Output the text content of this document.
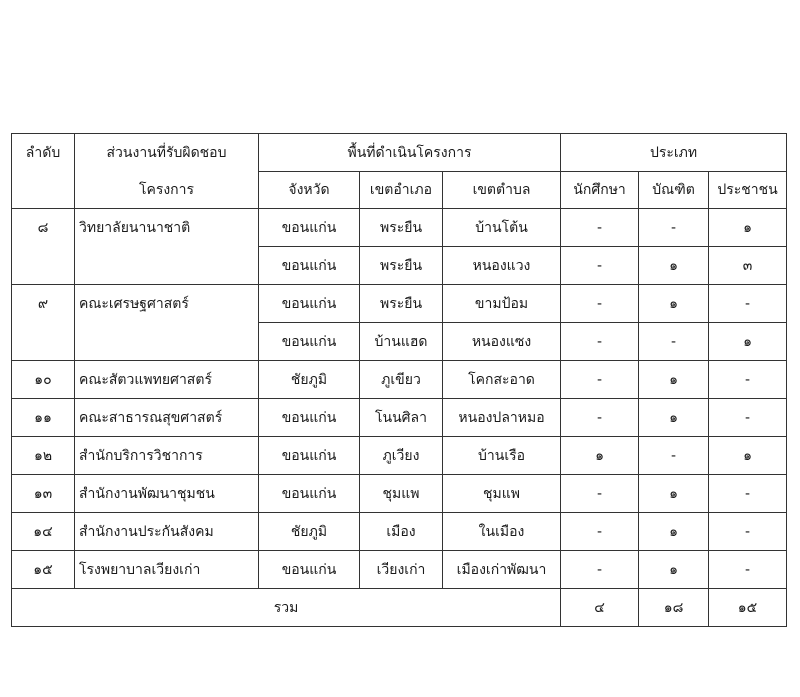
ลำดับ	ส่วนงานที่รับผิดชอบ	พื้นที่ดำเนินโครงการ			ประเภท		
	โครงการ	จังหวัด	เขตอำเภอ	เขตตำบล	นักศึกษา	บัณฑิต	ประชาชน
๘	วิทยาลัยนานาชาติ	ขอนแก่น	พระยืน	บ้านโต้น	-	-	๑
		ขอนแก่น	พระยืน	หนองแวง	-	๑	๓
๙	คณะเศรษฐศาสตร์	ขอนแก่น	พระยืน	ขามป้อม	-	๑	-
		ขอนแก่น	บ้านแฮด	หนองแซง	-	-	๑
๑๐	คณะสัตวแพทยศาสตร์	ชัยภูมิ	ภูเขียว	โคกสะอาด	-	๑	-
๑๑	คณะสาธารณสุขศาสตร์	ขอนแก่น	โนนศิลา	หนองปลาหมอ	-	๑	-
๑๒	สำนักบริการวิชาการ	ขอนแก่น	ภูเวียง	บ้านเรือ	๑	-	๑
๑๓	สำนักงานพัฒนาชุมชน	ขอนแก่น	ชุมแพ	ชุมแพ	-	๑	-
๑๔	สำนักงานประกันสังคม	ชัยภูมิ	เมือง	ในเมือง	-	๑	-
๑๕	โรงพยาบาลเวียงเก่า	ขอนแก่น	เวียงเก่า	เมืองเก่าพัฒนา	-	๑	-
รวม					๔	๑๘	๑๕
